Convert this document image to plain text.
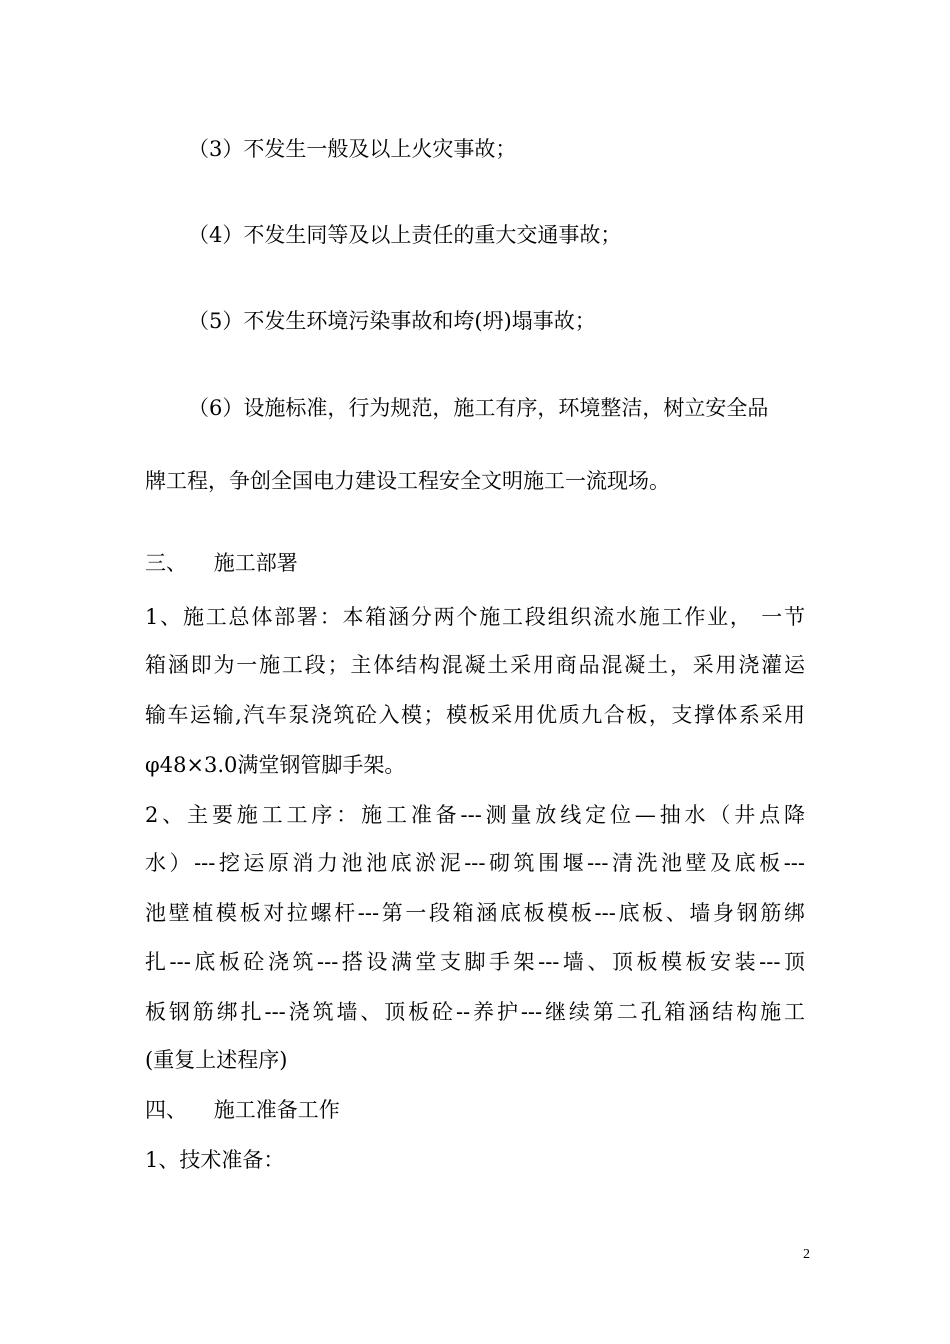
（3）不发生一般及以上火灾事故；

（4）不发生同等及以上责任的重大交通事故；

（5）不发生环境污染事故和垮(坍)塌事故；

（6）设施标准，行为规范，施工有序，环境整洁，树立安全品

牌工程，争创全国电力建设工程安全文明施工一流现场。

三、    施工部署

1、施工总体部署：本箱涵分两个施工段组织流水施工作业， 一节

箱涵即为一施工段；主体结构混凝土采用商品混凝土，采用浇灌运

输车运输,汽车泵浇筑砼入模；模板采用优质九合板，支撑体系采用

φ48×3.0满堂钢管脚手架。

2、主要施工工序：施工准备---测量放线定位—抽水（井点降

水）---挖运原消力池池底淤泥---砌筑围堰---清洗池壁及底板---

池壁植模板对拉螺杆---第一段箱涵底板模板---底板、墙身钢筋绑

扎---底板砼浇筑---搭设满堂支脚手架---墙、顶板模板安装---顶

板钢筋绑扎---浇筑墙、顶板砼--养护---继续第二孔箱涵结构施工

(重复上述程序)

四、    施工准备工作

1、技术准备：

2
